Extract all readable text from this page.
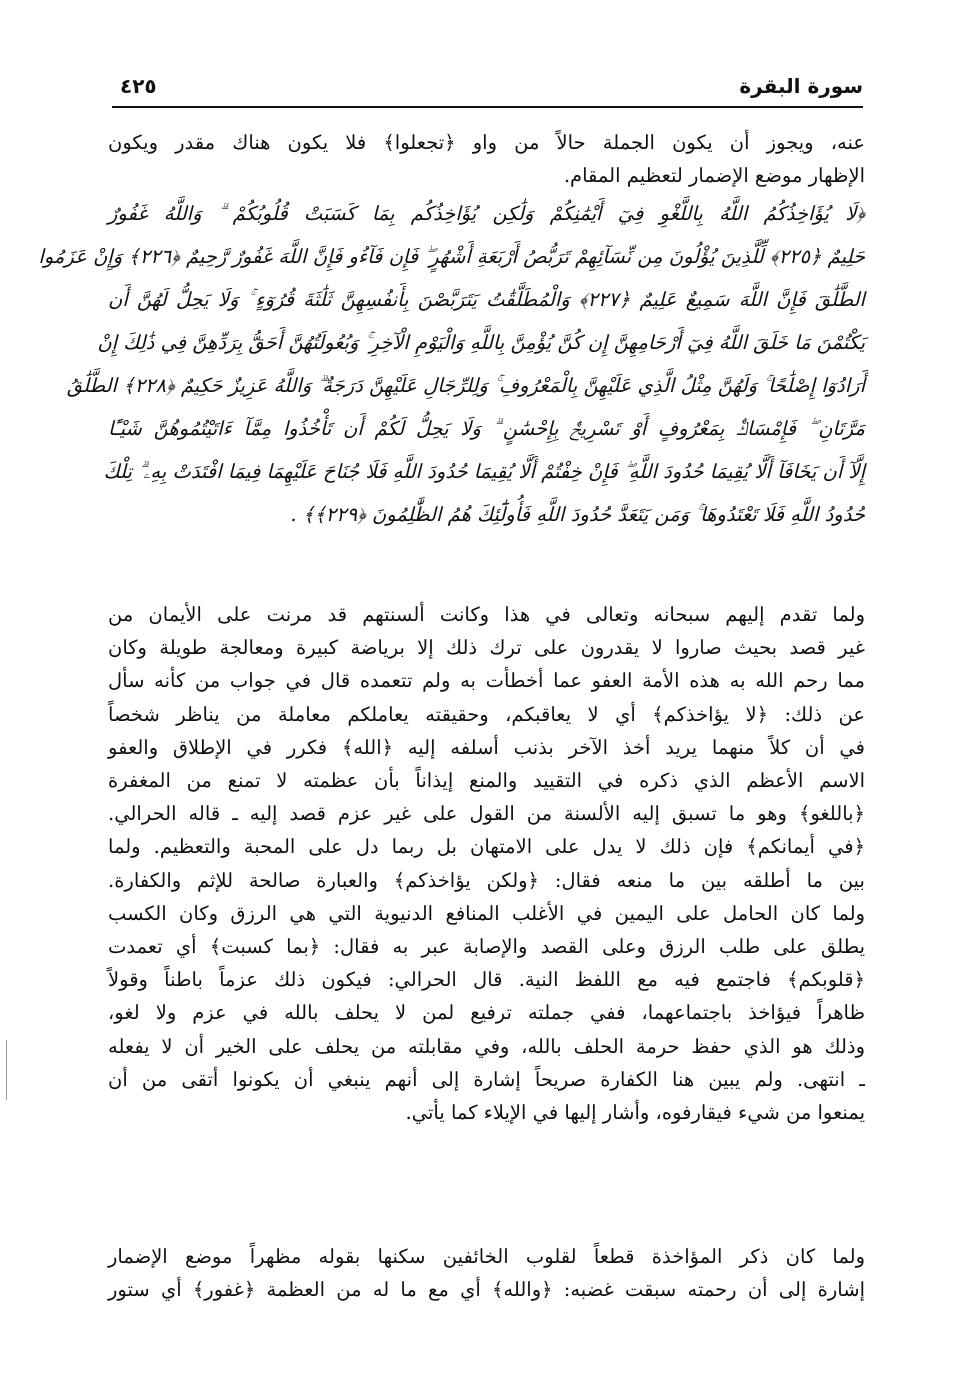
سورة البقرة
٤٢٥
عنه، ويجوز أن يكون الجملة حالاً من واو ﴿تجعلوا﴾ فلا يكون هناك مقدر ويكون
الإظهار موضع الإضمار لتعظيم المقام.
﴿لَا يُؤَاخِذُكُمُ اللَّهُ بِاللَّغْوِ فِيٓ أَيْمَٰنِكُمْ وَلَٰكِن يُؤَاخِذُكُم بِمَا كَسَبَتْ قُلُوبُكُمْ ۗ وَاللَّهُ غَفُورٌ
حَلِيمٌ ﴿٢٢٥﴾ لِّلَّذِينَ يُؤْلُونَ مِن نِّسَآئِهِمْ تَرَبُّصُ أَرْبَعَةِ أَشْهُرٍ ۖ فَإِن فَآءُو فَإِنَّ اللَّهَ غَفُورٌ رَّحِيمٌ ﴿٢٢٦﴾ وَإِنْ عَزَمُوا
الطَّلَٰقَ فَإِنَّ اللَّهَ سَمِيعٌ عَلِيمٌ ﴿٢٢٧﴾ وَالْمُطَلَّقَٰتُ يَتَرَبَّصْنَ بِأَنفُسِهِنَّ ثَلَٰثَةَ قُرُوٓءٍ ۚ وَلَا يَحِلُّ لَهُنَّ أَن
يَكْتُمْنَ مَا خَلَقَ اللَّهُ فِيٓ أَرْحَامِهِنَّ إِن كُنَّ يُؤْمِنَّ بِاللَّهِ وَالْيَوْمِ الْآخِرِ ۚ وَبُعُولَتُهُنَّ أَحَقُّ بِرَدِّهِنَّ فِي ذَٰلِكَ إِنْ
أَرَادُوٓا إِصْلَٰحًا ۚ وَلَهُنَّ مِثْلُ الَّذِي عَلَيْهِنَّ بِالْمَعْرُوفِ ۚ وَلِلرِّجَالِ عَلَيْهِنَّ دَرَجَةٌ ۗ وَاللَّهُ عَزِيزٌ حَكِيمٌ ﴿٢٢٨﴾ الطَّلَٰقُ
مَرَّتَانِ ۖ فَإِمْسَاكٌۢ بِمَعْرُوفٍ أَوْ تَسْرِيحٌۢ بِإِحْسَٰنٍ ۗ وَلَا يَحِلُّ لَكُمْ أَن تَأْخُذُوا مِمَّآ ءَاتَيْتُمُوهُنَّ شَيْـًٔا
إِلَّآ أَن يَخَافَآ أَلَّا يُقِيمَا حُدُودَ اللَّهِ ۖ فَإِنْ خِفْتُمْ أَلَّا يُقِيمَا حُدُودَ اللَّهِ فَلَا جُنَاحَ عَلَيْهِمَا فِيمَا افْتَدَتْ بِهِۦ ۗ تِلْكَ
حُدُودُ اللَّهِ فَلَا تَعْتَدُوهَا ۚ وَمَن يَتَعَدَّ حُدُودَ اللَّهِ فَأُولَٰٓئِكَ هُمُ الظَّٰلِمُونَ ﴿٢٢٩﴾﴾ .
ولما تقدم إليهم سبحانه وتعالى في هذا وكانت ألسنتهم قد مرنت على الأيمان من
غير قصد بحيث صاروا لا يقدرون على ترك ذلك إلا برياضة كبيرة ومعالجة طويلة وكان
مما رحم الله به هذه الأمة العفو عما أخطأت به ولم تتعمده قال في جواب من كأنه سأل
عن ذلك: ﴿لا يؤاخذكم﴾ أي لا يعاقبكم، وحقيقته يعاملكم معاملة من يناظر شخصاً
في أن كلاً منهما يريد أخذ الآخر بذنب أسلفه إليه ﴿الله﴾ فكرر في الإطلاق والعفو
الاسم الأعظم الذي ذكره في التقييد والمنع إيذاناً بأن عظمته لا تمنع من المغفرة
﴿باللغو﴾ وهو ما تسبق إليه الألسنة من القول على غير عزم قصد إليه ـ قاله الحرالي.
﴿في أيمانكم﴾ فإن ذلك لا يدل على الامتهان بل ربما دل على المحبة والتعظيم. ولما
بين ما أطلقه بين ما منعه فقال: ﴿ولكن يؤاخذكم﴾ والعبارة صالحة للإثم والكفارة.
ولما كان الحامل على اليمين في الأغلب المنافع الدنيوية التي هي الرزق وكان الكسب
يطلق على طلب الرزق وعلى القصد والإصابة عبر به فقال: ﴿بما كسبت﴾ أي تعمدت
﴿قلوبكم﴾ فاجتمع فيه مع اللفظ النية. قال الحرالي: فيكون ذلك عزماً باطناً وقولاً
ظاهراً فيؤاخذ باجتماعهما، ففي جملته ترفيع لمن لا يحلف بالله في عزم ولا لغو،
وذلك هو الذي حفظ حرمة الحلف بالله، وفي مقابلته من يحلف على الخير أن لا يفعله
ـ انتهى. ولم يبين هنا الكفارة صريحاً إشارة إلى أنهم ينبغي أن يكونوا أتقى من أن
يمنعوا من شيء فيقارفوه، وأشار إليها في الإيلاء كما يأتي.
ولما كان ذكر المؤاخذة قطعاً لقلوب الخائفين سكنها بقوله مظهراً موضع الإضمار
إشارة إلى أن رحمته سبقت غضبه: ﴿والله﴾ أي مع ما له من العظمة ﴿غفور﴾ أي ستور
